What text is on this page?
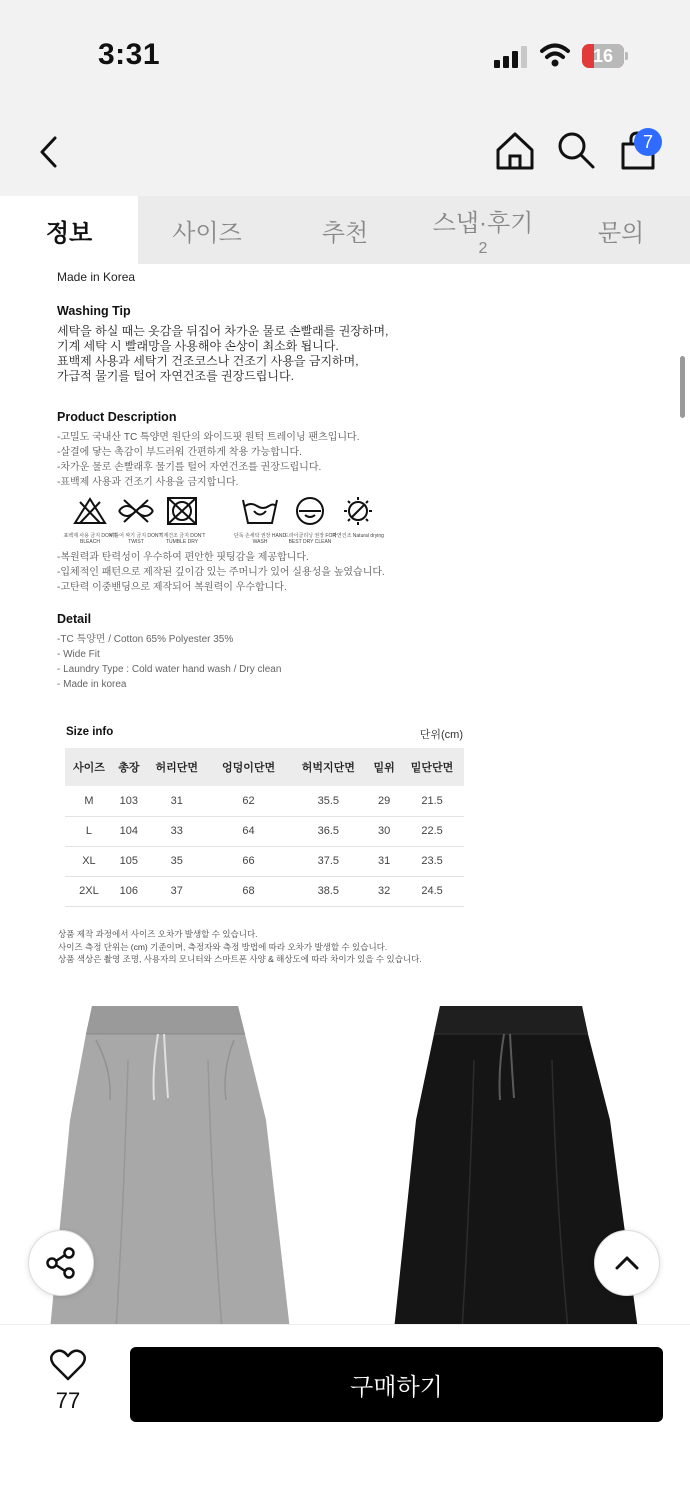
3:31	16
7
정보	사이즈	추천	스냅·후기
2
문의
Made in Korea
Washing Tip
세탁을 하실 때는 옷감을 뒤집어 차가운 물로 손빨래를 권장하며,
기계 세탁 시 빨래망을 사용해야 손상이 최소화 됩니다.
표백제 사용과 세탁기 건조코스나 건조기 사용을 금지하며,
가급적 물기를 털어 자연건조를 권장드립니다.
Product Description
-고밀도 국내산 TC 특양면 원단의 와이드핏 원턱 트레이닝 팬츠입니다.
-살결에 닿는 촉감이 부드러워 간편하게 착용 가능합니다.
-차가운 물로 손빨래후 물기를 털어 자연건조를 권장드립니다.
-표백제 사용과 건조기 사용을 금지합니다.
표백제 사용 금지 DON'T BLEACH
비틀어 짜기 금지 DON'T TWIST
기계건조 금지 DON'T TUMBLE DRY
단독 손세탁 권장 HAND WASH
드라이클리닝 권장 FOR BEST DRY CLEAN
자연건조 Natural drying
-복원력과 탄력성이 우수하여 편안한 핏팅감을 제공합니다.
-입체적인 패턴으로 제작된 깊이감 있는 주머니가 있어 실용성을 높였습니다.
-고탄력 이중밴딩으로 제작되어 복원력이 우수합니다.
Detail
-TC 특양면 / Cotton 65% Polyester 35%
- Wide Fit
- Laundry Type : Cold water hand wash / Dry clean
- Made in korea
Size info	단위(cm)
사이즈	총장	허리단면	엉덩이단면	허벅지단면	밑위	밑단단면
M	103	31	62	35.5	29	21.5
L	104	33	64	36.5	30	22.5
XL	105	35	66	37.5	31	23.5
2XL	106	37	68	38.5	32	24.5
상품 제작 과정에서 사이즈 오차가 발생할 수 있습니다.
사이즈 측정 단위는 (cm) 기준이며, 측정자와 측정 방법에 따라 오차가 발생할 수 있습니다.
상품 색상은 촬영 조명, 사용자의 모니터와 스마트폰 사양 & 해상도에 따라 차이가 있을 수 있습니다.
77	구매하기
